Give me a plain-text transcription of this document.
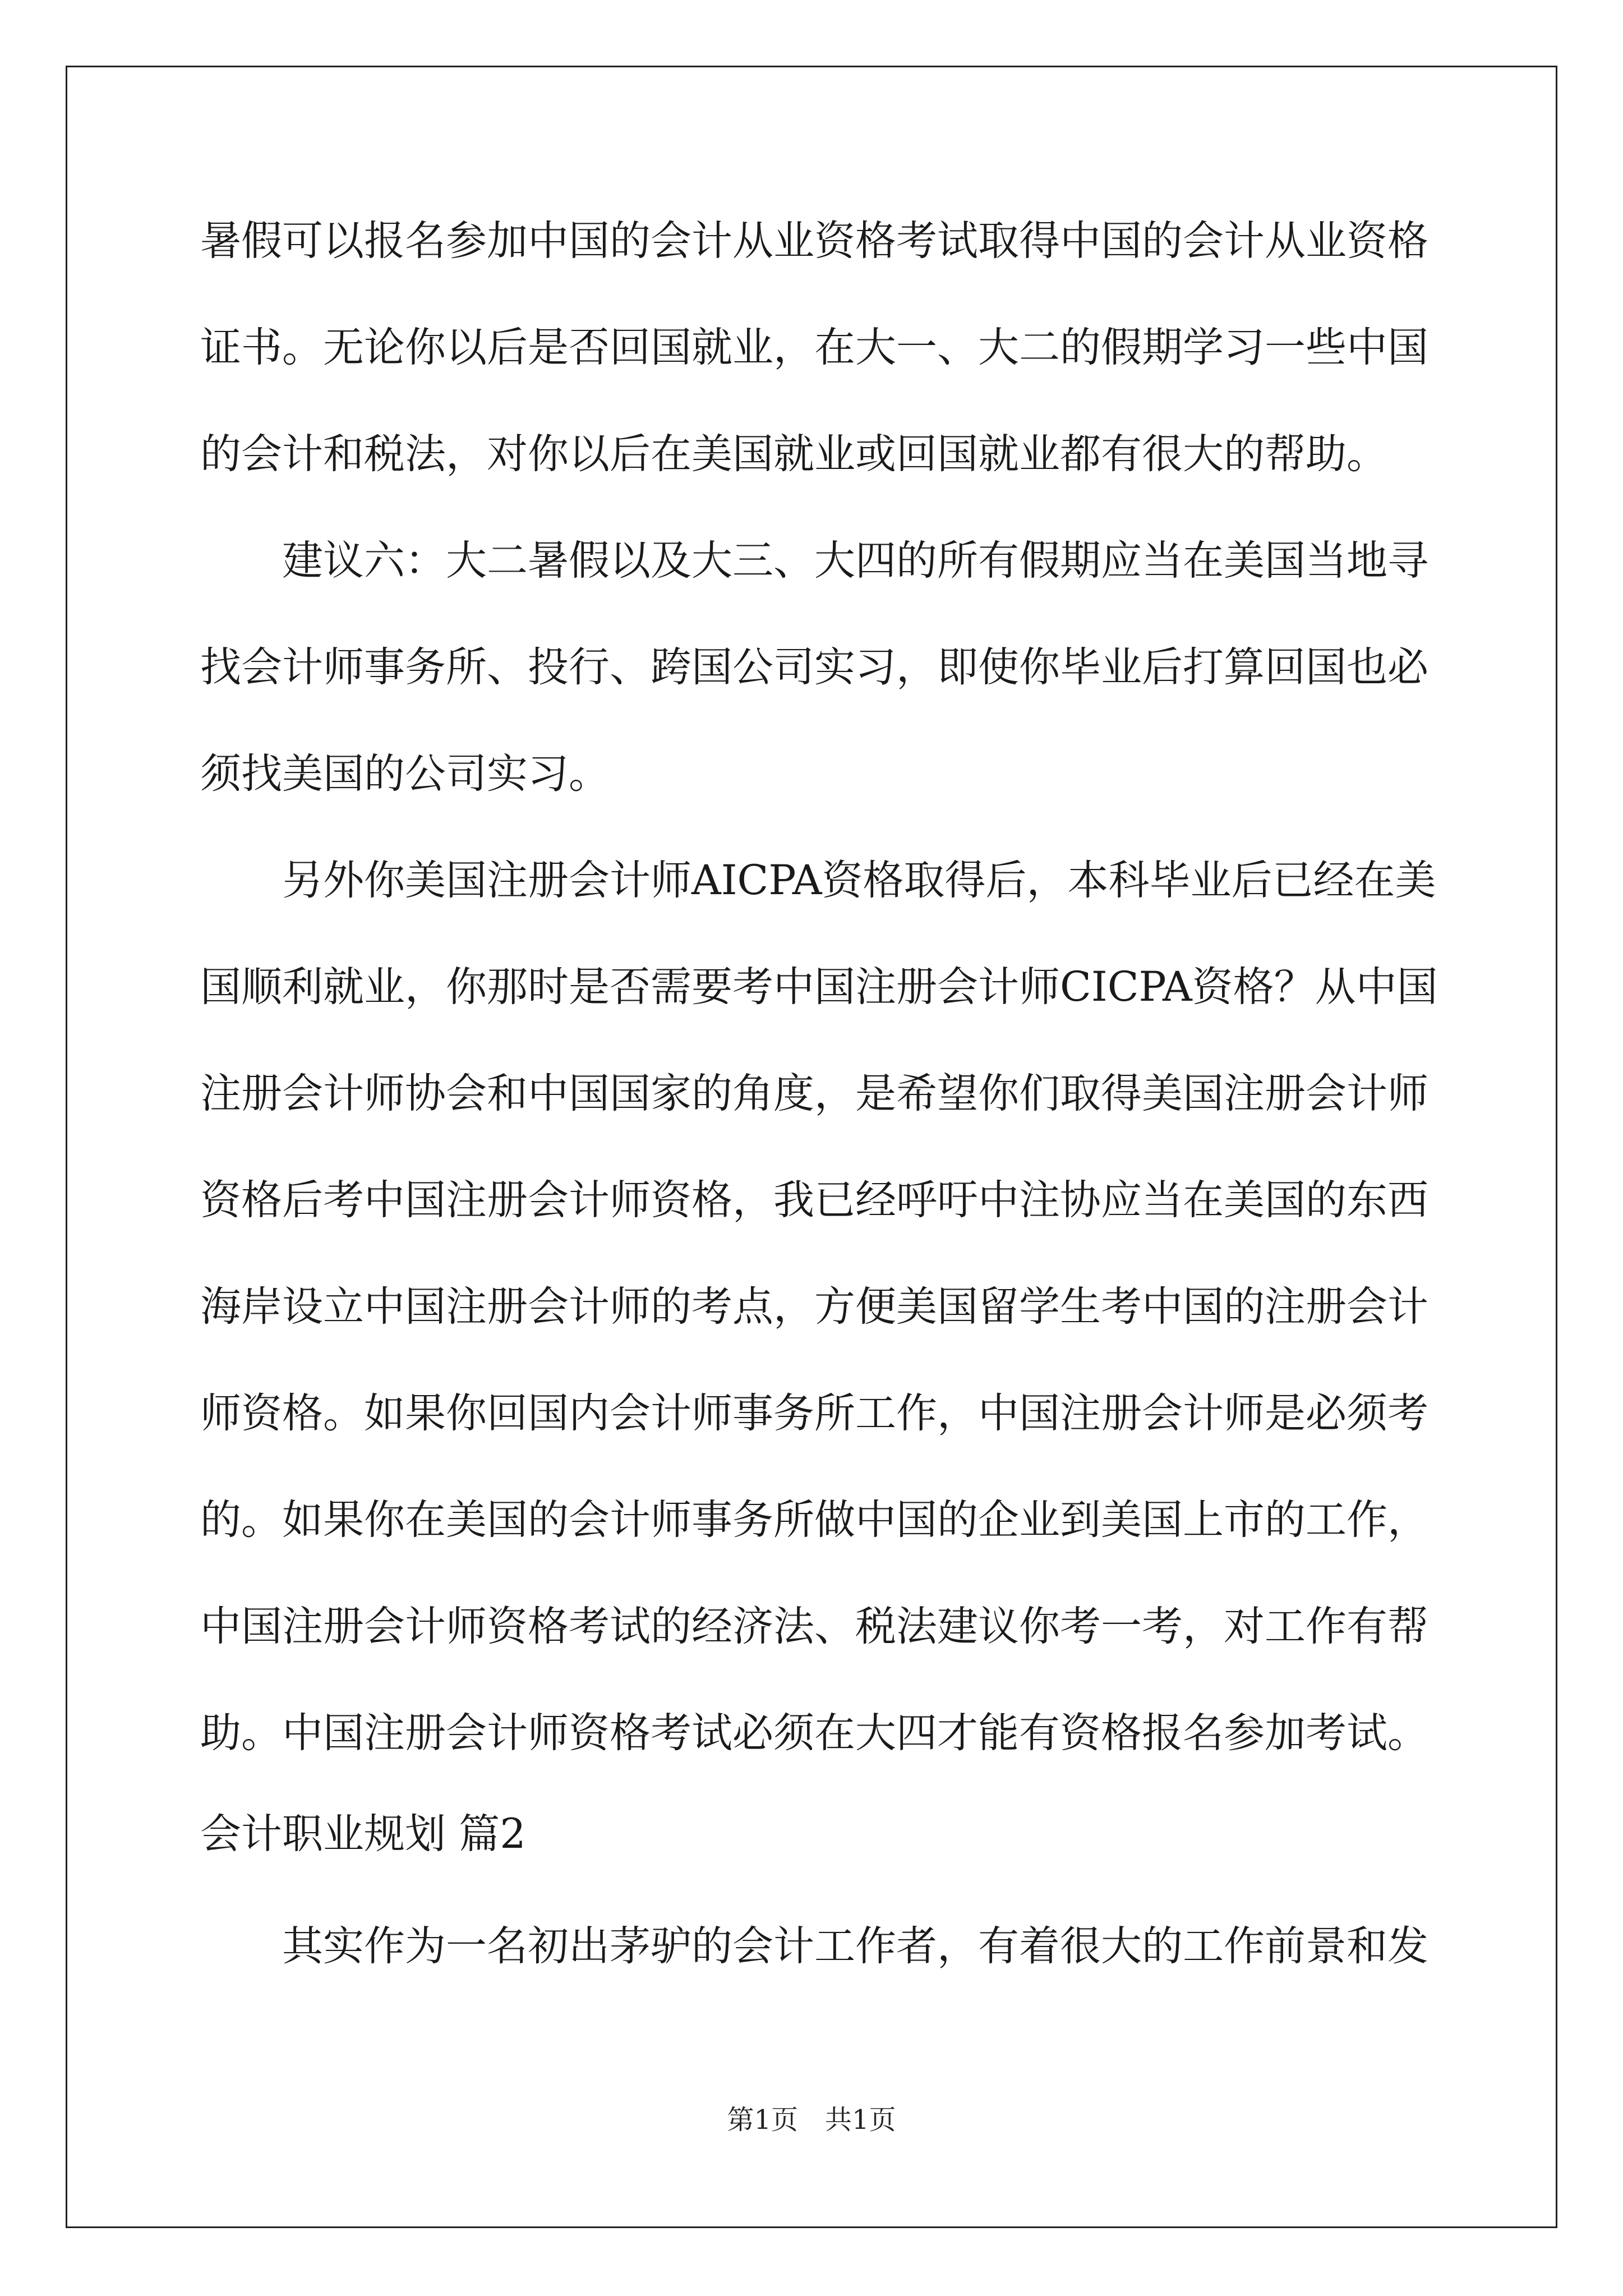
暑假可以报名参加中国的会计从业资格考试取得中国的会计从业资格
证书。无论你以后是否回国就业，在大一、大二的假期学习一些中国
的会计和税法，对你以后在美国就业或回国就业都有很大的帮助。
　　建议六：大二暑假以及大三、大四的所有假期应当在美国当地寻
找会计师事务所、投行、跨国公司实习，即使你毕业后打算回国也必
须找美国的公司实习。
　　另外你美国注册会计师AICPA资格取得后，本科毕业后已经在美
国顺利就业，你那时是否需要考中国注册会计师CICPA资格？从中国
注册会计师协会和中国国家的角度，是希望你们取得美国注册会计师
资格后考中国注册会计师资格，我已经呼吁中注协应当在美国的东西
海岸设立中国注册会计师的考点，方便美国留学生考中国的注册会计
师资格。如果你回国内会计师事务所工作，中国注册会计师是必须考
的。如果你在美国的会计师事务所做中国的企业到美国上市的工作，
中国注册会计师资格考试的经济法、税法建议你考一考，对工作有帮
助。中国注册会计师资格考试必须在大四才能有资格报名参加考试。
会计职业规划 篇2
　　其实作为一名初出茅驴的会计工作者，有着很大的工作前景和发
第1页　共1页
